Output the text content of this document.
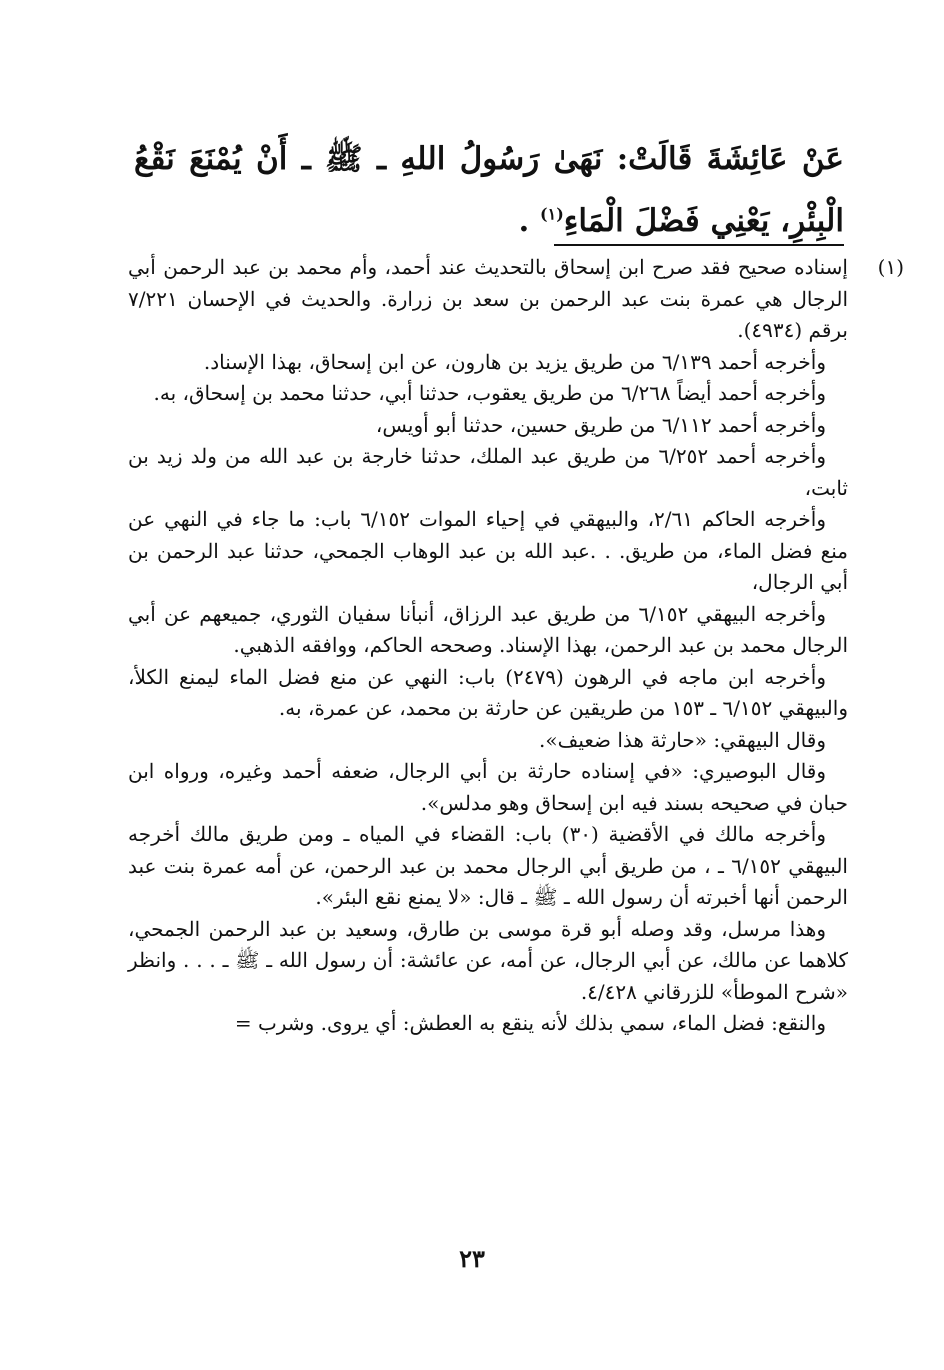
عَنْ عَائِشَةَ قَالَتْ: نَهَىٰ رَسُولُ اللهِ ـ ﷺ ـ أَنْ يُمْنَعَ نَقْعُ الْبِئْرِ، يَعْنِي فَضْلَ الْمَاءِ$^{(١)}$ .

(١)
إسناده صحيح فقد صرح ابن إسحاق بالتحديث عند أحمد، وأم محمد بن عبد الرحمن أبي الرجال هي عمرة بنت عبد الرحمن بن سعد بن زرارة. والحديث في الإحسان ٧/٢٢١ برقم (٤٩٣٤).

وأخرجه أحمد ٦/١٣٩ من طريق يزيد بن هارون، عن ابن إسحاق، بهذا الإسناد.

وأخرجه أحمد أيضاً ٦/٢٦٨ من طريق يعقوب، حدثنا أبي، حدثنا محمد بن إسحاق، به.

وأخرجه أحمد ٦/١١٢ من طريق حسين، حدثنا أبو أويس،

وأخرجه أحمد ٦/٢٥٢ من طريق عبد الملك، حدثنا خارجة بن عبد الله من ولد زيد بن ثابت،

وأخرجه الحاكم ٢/٦١، والبيهقي في إحياء الموات ٦/١٥٢ باب: ما جاء في النهي عن منع فضل الماء، من طريق. . .عبد الله بن عبد الوهاب الجمحي، حدثنا عبد الرحمن بن أبي الرجال،

وأخرجه البيهقي ٦/١٥٢ من طريق عبد الرزاق، أنبأنا سفيان الثوري، جميعهم عن أبي الرجال محمد بن عبد الرحمن، بهذا الإسناد. وصححه الحاكم، ووافقه الذهبي.

وأخرجه ابن ماجه في الرهون (٢٤٧٩) باب: النهي عن منع فضل الماء ليمنع الكلأ، والبيهقي ٦/١٥٢ ـ ١٥٣ من طريقين عن حارثة بن محمد، عن عمرة، به.

وقال البيهقي: «حارثة هذا ضعيف».

وقال البوصيري: «في إسناده حارثة بن أبي الرجال، ضعفه أحمد وغيره، ورواه ابن حبان في صحيحه بسند فيه ابن إسحاق وهو مدلس».

وأخرجه مالك في الأقضية (٣٠) باب: القضاء في المياه ـ ومن طريق مالك أخرجه البيهقي ٦/١٥٢ ـ ، من طريق أبي الرجال محمد بن عبد الرحمن، عن أمه عمرة بنت عبد الرحمن أنها أخبرته أن رسول الله ـ ﷺ ـ قال: «لا يمنع نقع البئر».

وهذا مرسل، وقد وصله أبو قرة موسى بن طارق، وسعيد بن عبد الرحمن الجمحي، كلاهما عن مالك، عن أبي الرجال، عن أمه، عن عائشة: أن رسول الله ـ ﷺ ـ . . . وانظر «شرح الموطأ» للزرقاني ٤/٤٢٨.

والنقع: فضل الماء، سمي بذلك لأنه ينقع به العطش: أي يروى. وشرب =

٢٣
